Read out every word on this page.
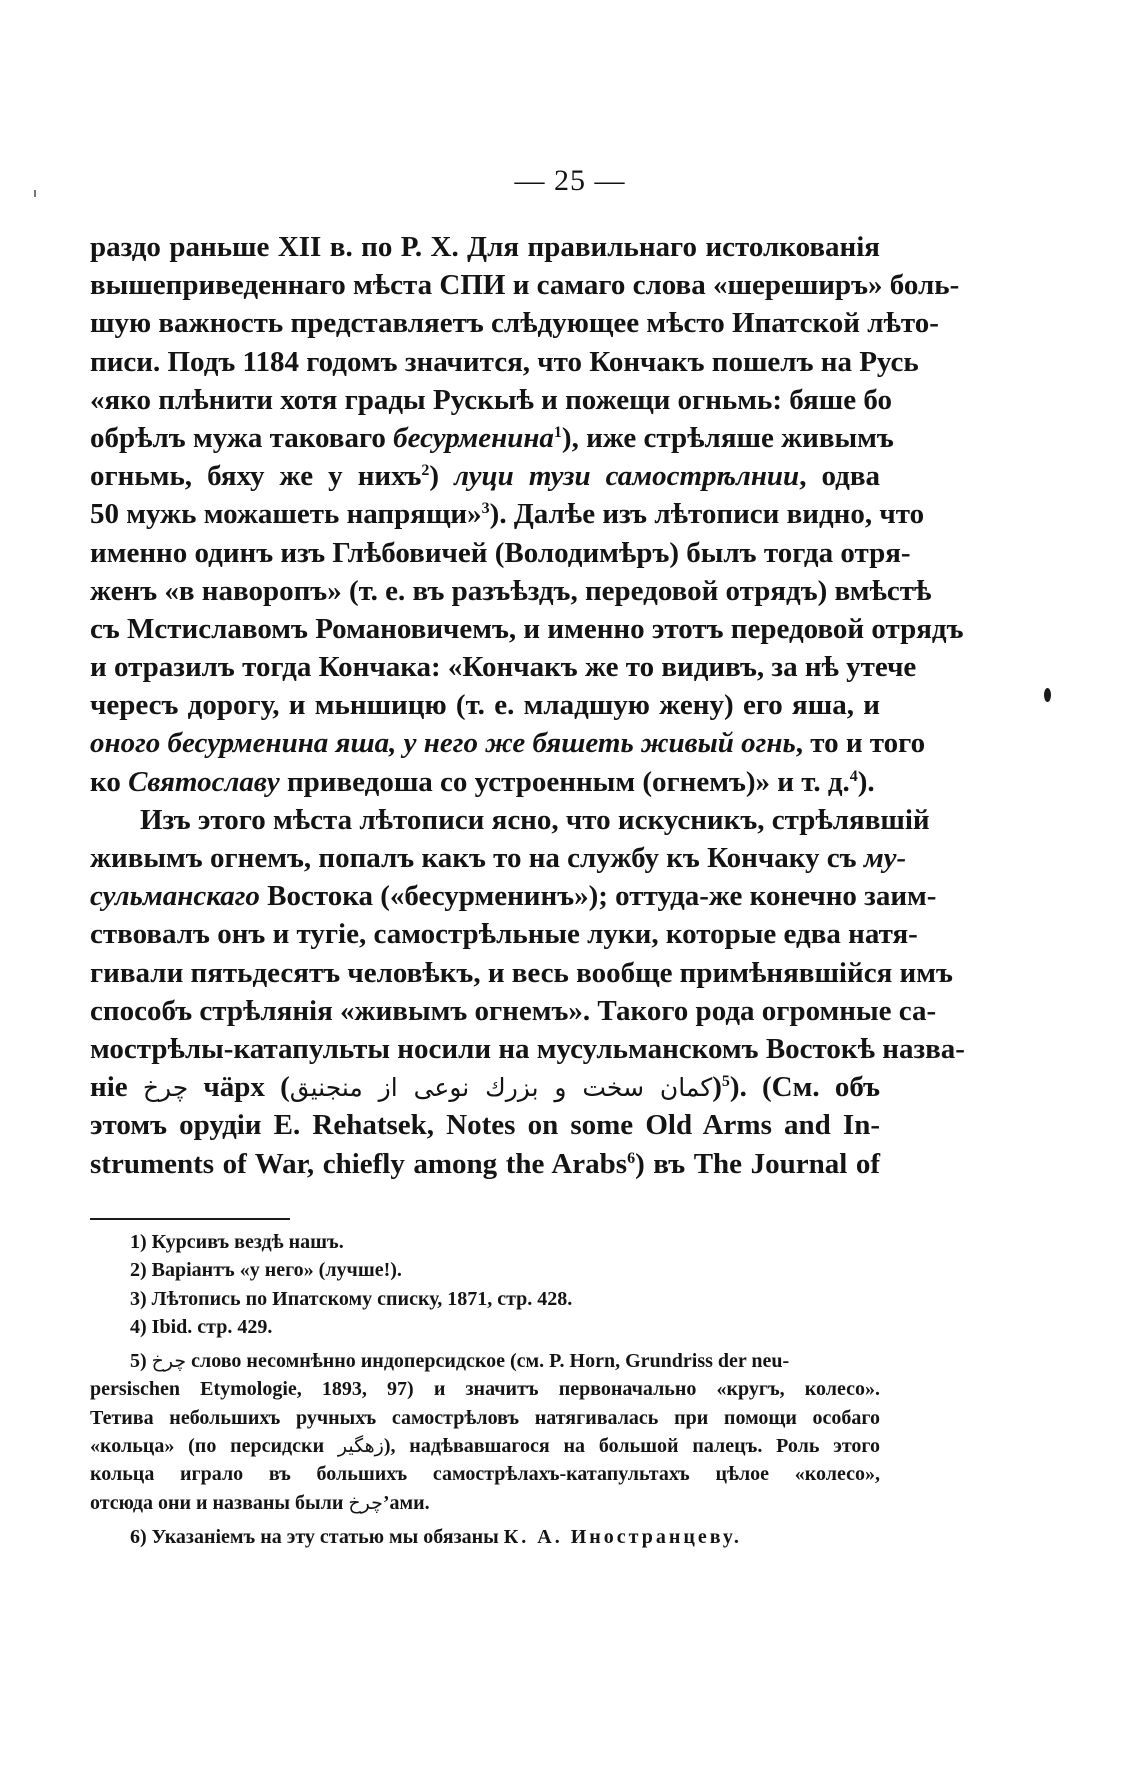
— 25 —
раздо раньше XII в. по Р. Х. Для правильнаго истолкованія
вышеприведеннаго мѣста СПИ и самаго слова «шереширъ» боль-
шую важность представляетъ слѣдующее мѣсто Ипатской лѣто-
писи. Подъ 1184 годомъ значится, что Кончакъ пошелъ на Русь
«яко плѣнити хотя грады Рускыѣ и пожещи огньмь: бяше бо
обрѣлъ мужа таковаго бесурменина$^1$), иже стрѣляше живымъ
огньмь, бяху же у нихъ$^2$) луци тузи самострѣлнии, одва
50 мужь можашеть напрящи»$^3$). Далѣе изъ лѣтописи видно, что
именно одинъ изъ Глѣбовичей (Володимѣръ) былъ тогда отря-
женъ «в наворопъ» (т. е. въ разъѣздъ, передовой отрядъ) вмѣстѣ
съ Мстиславомъ Романовичемъ, и именно этотъ передовой отрядъ
и отразилъ тогда Кончака: «Кончакъ же то видивъ, за нѣ утече
чересъ дорогу, и мьншицю (т. е. младшую жену) его яша, и
оного бесурменина яша, у него же бяшеть живый огнь, то и того
ко Святославу приведоша со устроенным (огнемъ)» и т. д.$^4$).
Изъ этого мѣста лѣтописи ясно, что искусникъ, стрѣлявшій
живымъ огнемъ, попалъ какъ то на службу къ Кончаку съ му-
сульманскаго Востока («бесурменинъ»); оттуда-же конечно заим-
ствовалъ онъ и тугіе, самострѣльные луки, которые едва натя-
гивали пятьдесятъ человѣкъ, и весь вообще примѣнявшійся имъ
способъ стрѣлянія «живымъ огнемъ». Такого рода огромные са-
мострѣлы-катапульты носили на мусульманскомъ Востокѣ назва-
ніе چرخ чäрх (كمان سخت و بزرك نوعى از منجنيق)$^5$). (См. объ
этомъ орудіи E. Rehatsek, Notes on some Old Arms and In-
struments of War, chiefly among the Arabs$^6$) въ The Journal of
1) Курсивъ вездѣ нашъ.
2) Варіантъ «у него» (лучше!).
3) Лѣтопись по Ипатскому списку, 1871, стр. 428.
4) Ibid. стр. 429.
5) چرخ слово несомнѣнно индоперсидское (см. P. Horn, Grundriss der neu-
persischen Etymologie, 1893, 97) и значитъ первоначально «кругъ, колесо».
Тетива небольшихъ ручныхъ самострѣловъ натягивалась при помощи особаго
«кольца» (по персидски زهگير), надѣвавшагося на большой палецъ. Роль этого
кольца играло въ большихъ самострѣлахъ-катапультахъ цѣлое «колесо»,
отсюда они и названы были چرخ’ами.
6) Указаніемъ на эту статью мы обязаны К. А. Иностранцеву.
